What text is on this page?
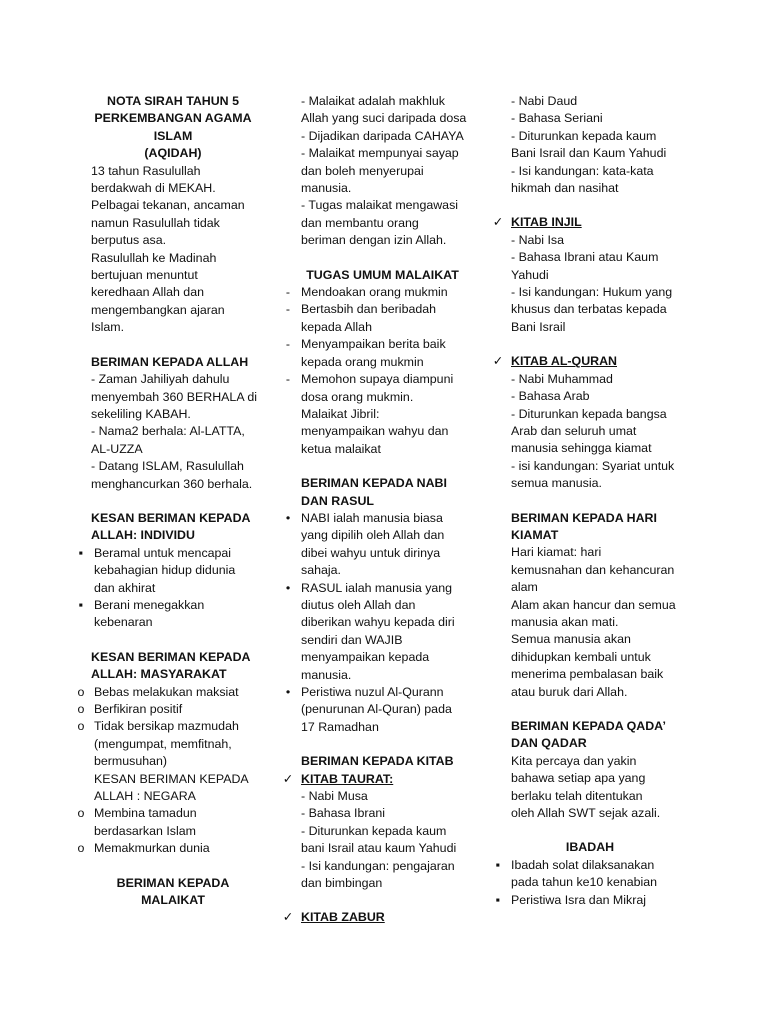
NOTA SIRAH TAHUN 5
PERKEMBANGAN AGAMA
ISLAM
(AQIDAH)
13 tahun Rasulullah
berdakwah di MEKAH.
Pelbagai tekanan, ancaman
namun Rasulullah tidak
berputus asa.
Rasulullah ke Madinah
bertujuan menuntut
keredhaan Allah dan
mengembangkan ajaran
Islam.
BERIMAN KEPADA ALLAH
- Zaman Jahiliyah dahulu
menyembah 360 BERHALA di
sekeliling KABAH.
- Nama2 berhala: Al-LATTA,
AL-UZZA
- Datang ISLAM, Rasulullah
menghancurkan 360 berhala.
KESAN BERIMAN KEPADA
ALLAH: INDIVIDU
▪ Beramal untuk mencapai
kebahagian hidup didunia
dan akhirat
▪ Berani menegakkan
kebenaran
KESAN BERIMAN KEPADA
ALLAH: MASYARAKAT
o Bebas melakukan maksiat
o Berfikiran positif
o Tidak bersikap mazmudah
(mengumpat, memfitnah,
bermusuhan)
KESAN BERIMAN KEPADA
ALLAH : NEGARA
o Membina tamadun
berdasarkan Islam
o Memakmurkan dunia
BERIMAN KEPADA
MALAIKAT
- Malaikat adalah makhluk
Allah yang suci daripada dosa
- Dijadikan daripada CAHAYA
- Malaikat mempunyai sayap
dan boleh menyerupai
manusia.
- Tugas malaikat mengawasi
dan membantu orang
beriman dengan izin Allah.
TUGAS UMUM MALAIKAT
- Mendoakan orang mukmin
- Bertasbih dan beribadah
kepada Allah
- Menyampaikan berita baik
kepada orang mukmin
- Memohon supaya diampuni
dosa orang mukmin.
Malaikat Jibril:
menyampaikan wahyu dan
ketua malaikat
BERIMAN KEPADA NABI
DAN RASUL
• NABI ialah manusia biasa
yang dipilih oleh Allah dan
dibei wahyu untuk dirinya
sahaja.
• RASUL ialah manusia yang
diutus oleh Allah dan
diberikan wahyu kepada diri
sendiri dan WAJIB
menyampaikan kepada
manusia.
• Peristiwa nuzul Al-Qurann
(penurunan Al-Quran) pada
17 Ramadhan
BERIMAN KEPADA KITAB
✓ KITAB TAURAT:
- Nabi Musa
- Bahasa Ibrani
- Diturunkan kepada kaum
bani Israil atau kaum Yahudi
- Isi kandungan: pengajaran
dan bimbingan
✓ KITAB ZABUR
- Nabi Daud
- Bahasa Seriani
- Diturunkan kepada kaum
Bani Israil dan Kaum Yahudi
- Isi kandungan: kata-kata
hikmah dan nasihat
✓ KITAB INJIL
- Nabi Isa
- Bahasa Ibrani atau Kaum
Yahudi
- Isi kandungan: Hukum yang
khusus dan terbatas kepada
Bani Israil
✓ KITAB AL-QURAN
- Nabi Muhammad
- Bahasa Arab
- Diturunkan kepada bangsa
Arab dan seluruh umat
manusia sehingga kiamat
- isi kandungan: Syariat untuk
semua manusia.
BERIMAN KEPADA HARI
KIAMAT
Hari kiamat: hari
kemusnahan dan kehancuran
alam
Alam akan hancur dan semua
manusia akan mati.
Semua manusia akan
dihidupkan kembali untuk
menerima pembalasan baik
atau buruk dari Allah.
BERIMAN KEPADA QADA’
DAN QADAR
Kita percaya dan yakin
bahawa setiap apa yang
berlaku telah ditentukan
oleh Allah SWT sejak azali.
IBADAH
▪ Ibadah solat dilaksanakan
pada tahun ke10 kenabian
▪ Peristiwa Isra dan Mikraj
